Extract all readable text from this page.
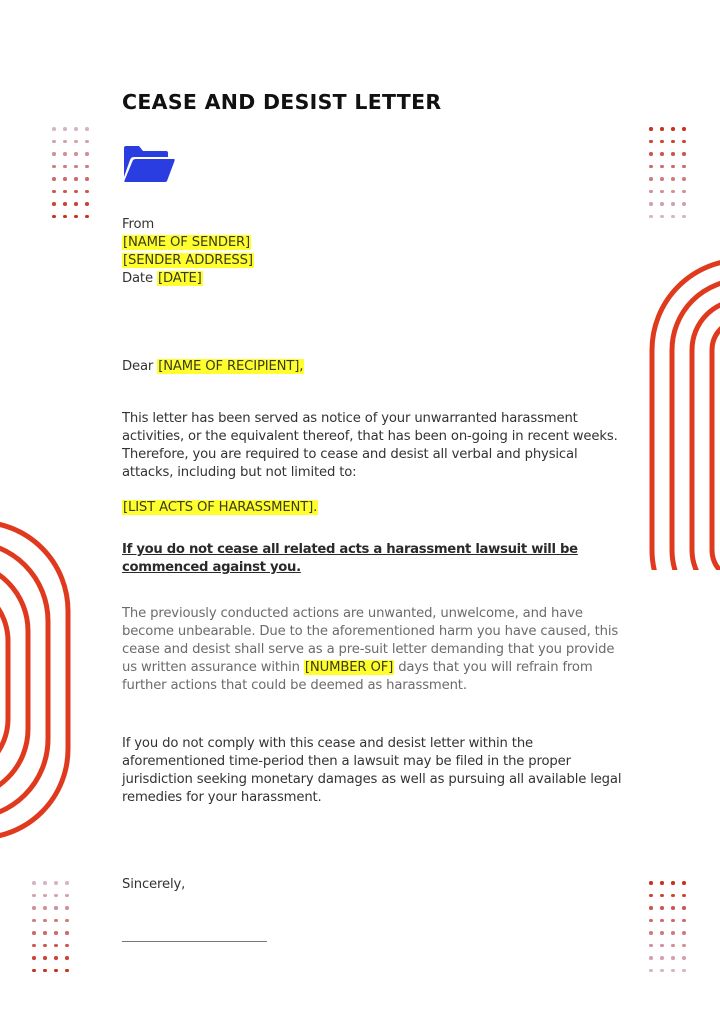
CEASE AND DESIST LETTER
From
[NAME OF SENDER]
[SENDER ADDRESS]
Date [DATE]
Dear [NAME OF RECIPIENT],
This letter has been served as notice of your unwarranted harassment activities, or the equivalent thereof, that has been on-going in recent weeks. Therefore, you are required to cease and desist all verbal and physical attacks, including but not limited to:
[LIST ACTS OF HARASSMENT].
If you do not cease all related acts a harassment lawsuit will be commenced against you.
The previously conducted actions are unwanted, unwelcome, and have become unbearable. Due to the aforementioned harm you have caused, this cease and desist shall serve as a pre-suit letter demanding that you provide us written assurance within [NUMBER OF] days that you will refrain from further actions that could be deemed as harassment.
If you do not comply with this cease and desist letter within the aforementioned time-period then a lawsuit may be filed in the proper jurisdiction seeking monetary damages as well as pursuing all available legal remedies for your harassment.
Sincerely,
